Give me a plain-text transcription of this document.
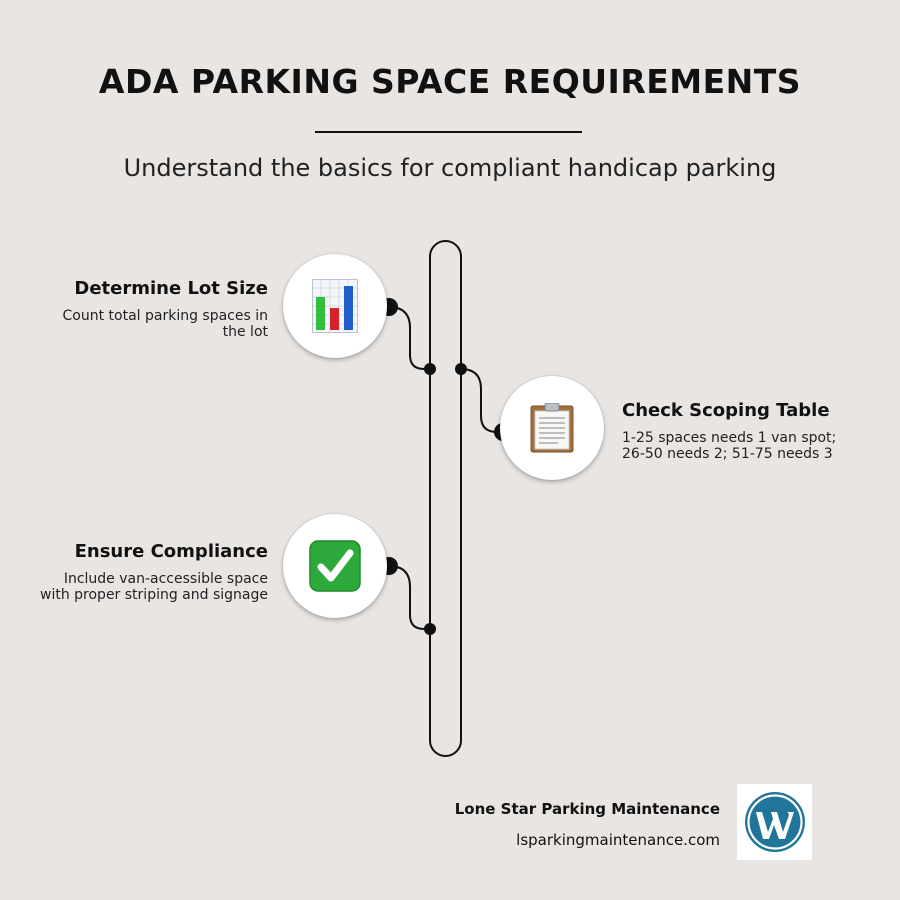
ADA PARKING SPACE REQUIREMENTS
Understand the basics for compliant handicap parking
Determine Lot Size
Count total parking spaces in the lot
Check Scoping Table
1-25 spaces needs 1 van spot; 26-50 needs 2; 51-75 needs 3
Ensure Compliance
Include van-accessible space with proper striping and signage
Lone Star Parking Maintenance
lsparkingmaintenance.com
